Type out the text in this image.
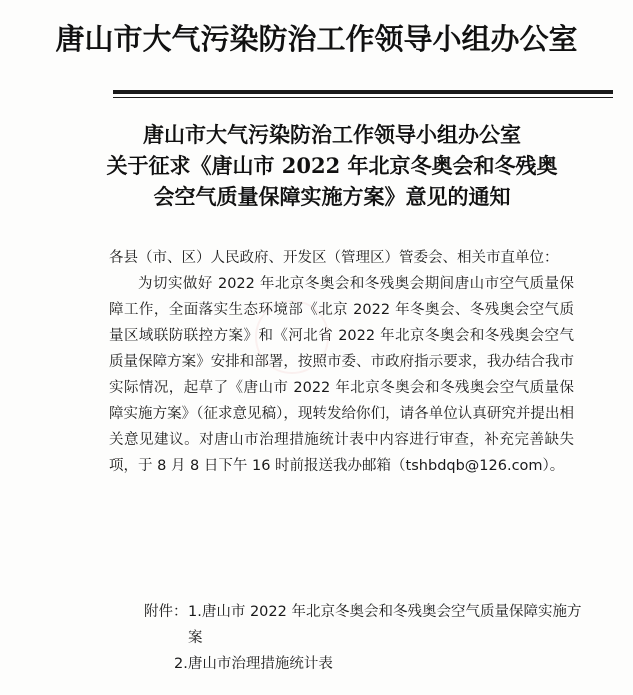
唐山市大气污染防治工作领导小组办公室
唐山市大气污染防治工作领导小组办公室
关于征求《唐山市 2022 年北京冬奥会和冬残奥
会空气质量保障实施方案》意见的通知

各县（市、区）人民政府、开发区（管理区）管委会、相关市直单位：

为切实做好 2022 年北京冬奥会和冬残奥会期间唐山市空气质量保障工作，全面落实生态环境部《北京 2022 年冬奥会、冬残奥会空气质量区域联防联控方案》和《河北省 2022 年北京冬奥会和冬残奥会空气质量保障方案》安排和部署，按照市委、市政府指示要求，我办结合我市实际情况，起草了《唐山市 2022 年北京冬奥会和冬残奥会空气质量保障实施方案》（征求意见稿），现转发给你们，请各单位认真研究并提出相关意见建议。对唐山市治理措施统计表中内容进行审查，补充完善缺失项，于 8 月 8 日下午 16 时前报送我办邮箱（tshbdqb@126.com）。

附件： 1.唐山市 2022 年北京冬奥会和冬残奥会空气质量保障实施方案
2.唐山市治理措施统计表
